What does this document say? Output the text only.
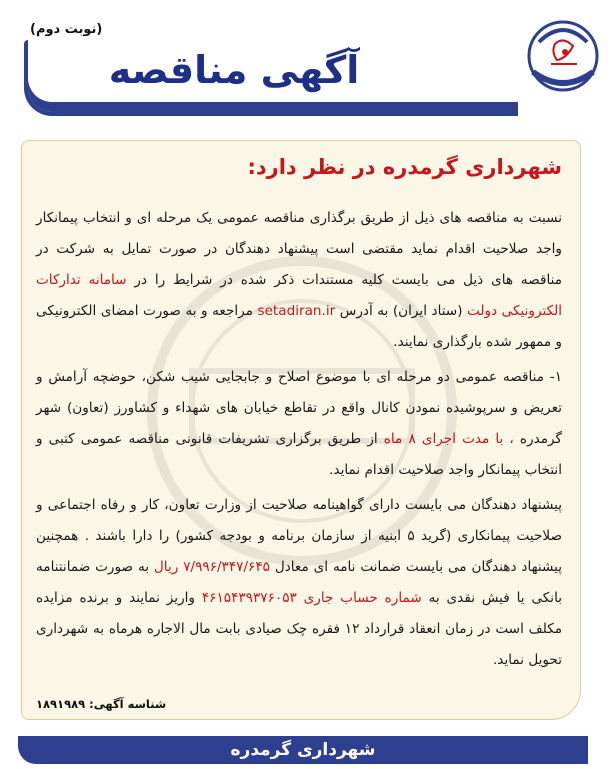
(نوبت دوم)
آگهی مناقصه
شهرداری گرمدره در نظر دارد:

نسبت به مناقصه های ذیل از طریق برگذاری مناقصه عمومی یک مرحله ای و انتخاب پیمانکار واجد صلاحیت اقدام نماید مقتضی است پیشنهاد دهندگان در صورت تمایل به شرکت در مناقصه های ذیل می بایست کلیه مستندات ذکر شده در شرایط را در سامانه تدارکات الکترونیکی دولت (ستاد ایران) به آدرس setadiran.ir مراجعه و به صورت امضای الکترونیکی و ممهور شده بارگذاری نمایند.

۱- مناقصه عمومی دو مرحله ای با موضوع اصلاح و جابجایی شیب شکن، حوضچه آرامش و تعریض و سرپوشیده نمودن کانال واقع در تقاطع خیابان های شهداء و کشاورز (تعاون) شهر گرمدره ، با مدت اجرای ۸ ماه از طریق برگزاری تشریفات قانونی مناقصه عمومی کتبی و انتخاب پیمانکار واجد صلاحیت اقدام نماید.

پیشنهاد دهندگان می بایست دارای گواهینامه صلاحیت از وزارت تعاون، کار و رفاه اجتماعی و صلاحیت پیمانکاری (گرید ۵ ابنیه از سازمان برنامه و بودجه کشور) را دارا باشند . همچنین پیشنهاد دهندگان می بایست ضمانت نامه ای معادل ۷/۹۹۶/۳۴۷/۶۴۵ ریال به صورت ضمانتنامه بانکی یا فیش نقدی به شماره حساب جاری ۴۶۱۵۴۳۹۳۷۶۰۵۳ واریز نمایند و برنده مزایده مکلف است در زمان انعقاد قرارداد ۱۲ فقره چک صیادی بابت مال الاجاره هرماه به شهرداری تحویل نماید.

شناسه آگهی: ۱۸۹۱۹۸۹
شهرداری گرمدره
